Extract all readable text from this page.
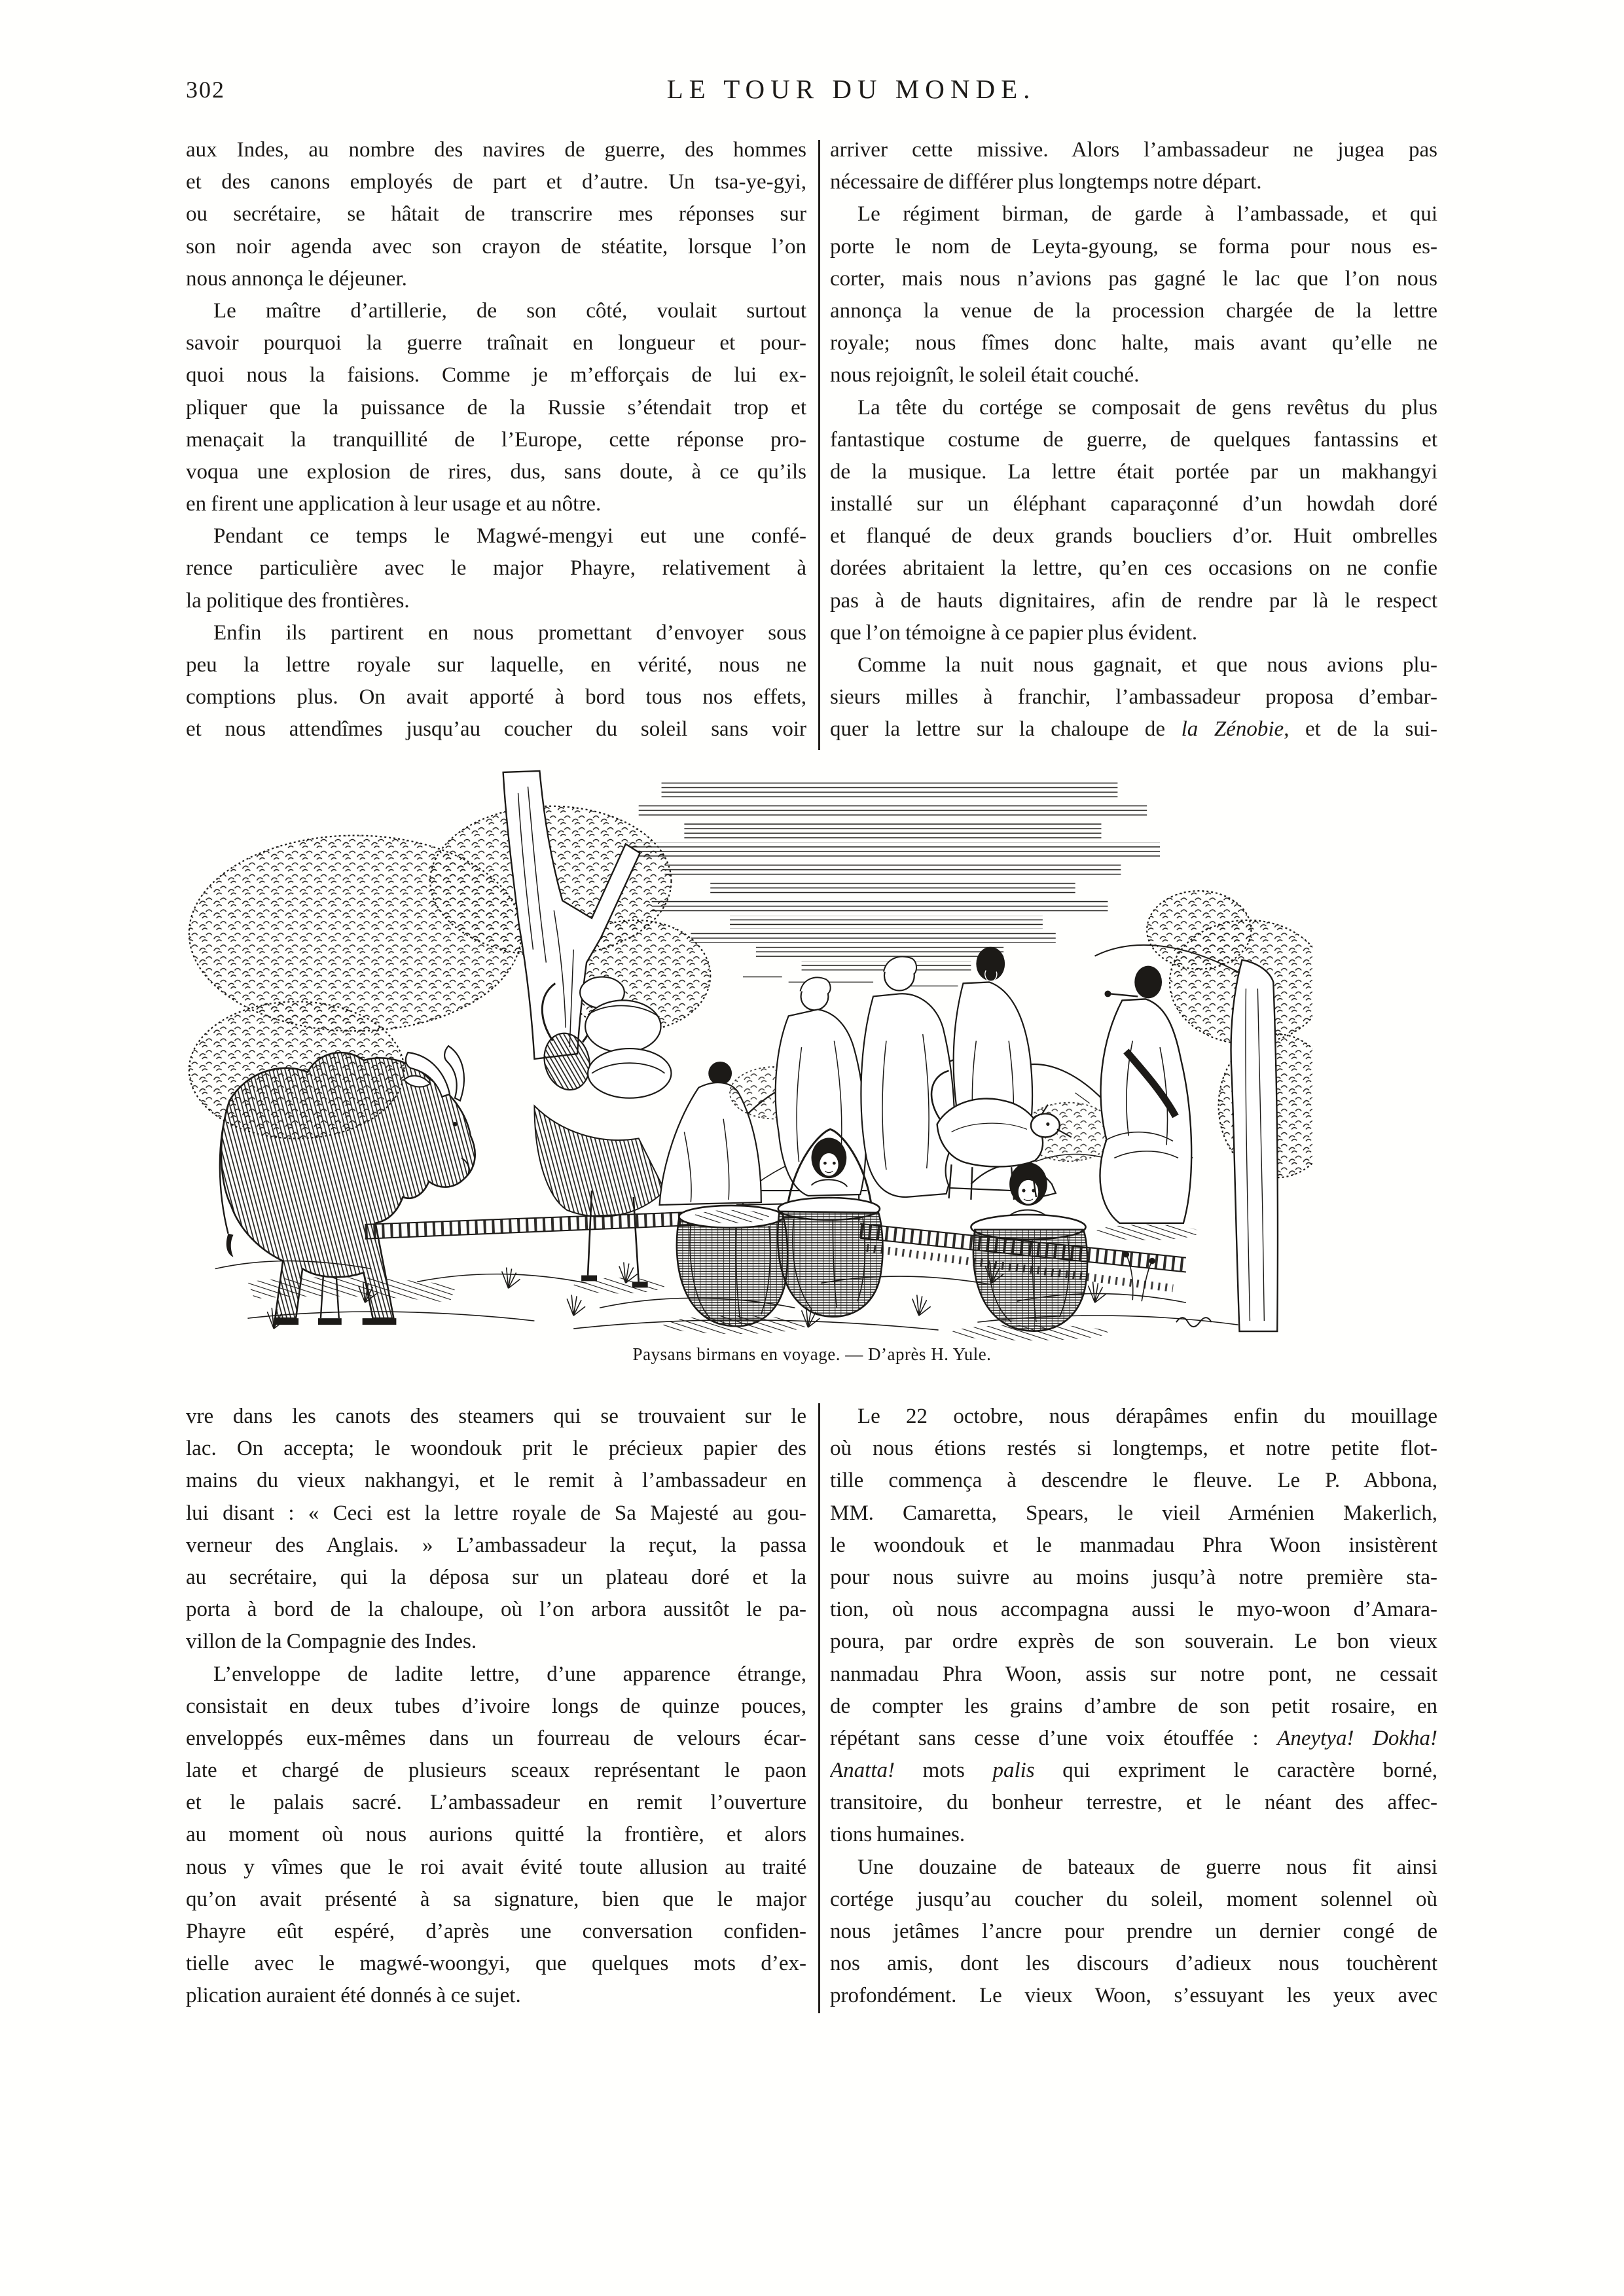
302	LE TOUR DU MONDE.
aux Indes, au nombre des navires de guerre, des hommes
et des canons employés de part et d’autre. Un tsa-ye-gyi,
ou secrétaire, se hâtait de transcrire mes réponses sur
son noir agenda avec son crayon de stéatite, lorsque l’on
nous annonça le déjeuner.
Le maître d’artillerie, de son côté, voulait surtout
savoir pourquoi la guerre traînait en longueur et pour-
quoi nous la faisions. Comme je m’efforçais de lui ex-
pliquer que la puissance de la Russie s’étendait trop et
menaçait la tranquillité de l’Europe, cette réponse pro-
voqua une explosion de rires, dus, sans doute, à ce qu’ils
en firent une application à leur usage et au nôtre.
Pendant ce temps le Magwé-mengyi eut une confé-
rence particulière avec le major Phayre, relativement à
la politique des frontières.
Enfin ils partirent en nous promettant d’envoyer sous
peu la lettre royale sur laquelle, en vérité, nous ne
comptions plus. On avait apporté à bord tous nos effets,
et nous attendîmes jusqu’au coucher du soleil sans voir
arriver cette missive. Alors l’ambassadeur ne jugea pas
nécessaire de différer plus longtemps notre départ.
Le régiment birman, de garde à l’ambassade, et qui
porte le nom de Leyta-gyoung, se forma pour nous es-
corter, mais nous n’avions pas gagné le lac que l’on nous
annonça la venue de la procession chargée de la lettre
royale; nous fîmes donc halte, mais avant qu’elle ne
nous rejoignît, le soleil était couché.
La tête du cortége se composait de gens revêtus du plus
fantastique costume de guerre, de quelques fantassins et
de la musique. La lettre était portée par un makhangyi
installé sur un éléphant caparaçonné d’un howdah doré
et flanqué de deux grands boucliers d’or. Huit ombrelles
dorées abritaient la lettre, qu’en ces occasions on ne confie
pas à de hauts dignitaires, afin de rendre par là le respect
que l’on témoigne à ce papier plus évident.
Comme la nuit nous gagnait, et que nous avions plu-
sieurs milles à franchir, l’ambassadeur proposa d’embar-
quer la lettre sur la chaloupe de la Zénobie, et de la sui-
Paysans birmans en voyage. — D’après H. Yule.
vre dans les canots des steamers qui se trouvaient sur le
lac. On accepta; le woondouk prit le précieux papier des
mains du vieux nakhangyi, et le remit à l’ambassadeur en
lui disant : « Ceci est la lettre royale de Sa Majesté au gou-
verneur des Anglais. » L’ambassadeur la reçut, la passa
au secrétaire, qui la déposa sur un plateau doré et la
porta à bord de la chaloupe, où l’on arbora aussitôt le pa-
villon de la Compagnie des Indes.
L’enveloppe de ladite lettre, d’une apparence étrange,
consistait en deux tubes d’ivoire longs de quinze pouces,
enveloppés eux-mêmes dans un fourreau de velours écar-
late et chargé de plusieurs sceaux représentant le paon
et le palais sacré. L’ambassadeur en remit l’ouverture
au moment où nous aurions quitté la frontière, et alors
nous y vîmes que le roi avait évité toute allusion au traité
qu’on avait présenté à sa signature, bien que le major
Phayre eût espéré, d’après une conversation confiden-
tielle avec le magwé-woongyi, que quelques mots d’ex-
plication auraient été donnés à ce sujet.
Le 22 octobre, nous dérapâmes enfin du mouillage
où nous étions restés si longtemps, et notre petite flot-
tille commença à descendre le fleuve. Le P. Abbona,
MM. Camaretta, Spears, le vieil Arménien Makerlich,
le woondouk et le manmadau Phra Woon insistèrent
pour nous suivre au moins jusqu’à notre première sta-
tion, où nous accompagna aussi le myo-woon d’Amara-
poura, par ordre exprès de son souverain. Le bon vieux
nanmadau Phra Woon, assis sur notre pont, ne cessait
de compter les grains d’ambre de son petit rosaire, en
répétant sans cesse d’une voix étouffée : Aneytya! Dokha!
Anatta! mots palis qui expriment le caractère borné,
transitoire, du bonheur terrestre, et le néant des affec-
tions humaines.
Une douzaine de bateaux de guerre nous fit ainsi
cortége jusqu’au coucher du soleil, moment solennel où
nous jetâmes l’ancre pour prendre un dernier congé de
nos amis, dont les discours d’adieux nous touchèrent
profondément. Le vieux Woon, s’essuyant les yeux avec
